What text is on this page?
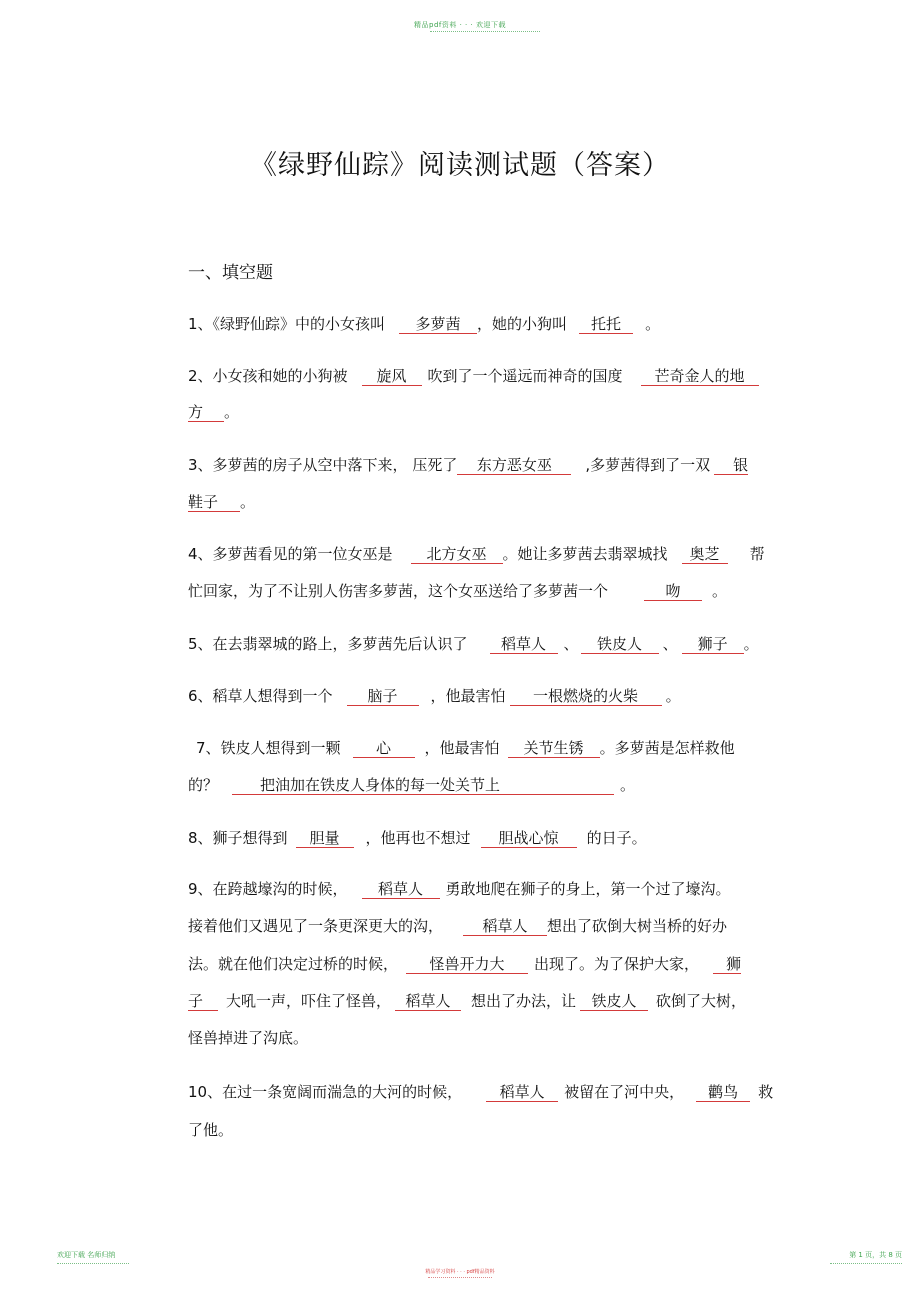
精品pdf资料 · · · 欢迎下载
《绿野仙踪》阅读测试题（答案）
一、填空题
1、《绿野仙踪》中的小女孩叫 多萝茜 ，她的小狗叫 托托 。
2、小女孩和她的小狗被 旋风 吹到了一个遥远而神奇的国度 芒奇金人的地
方 。
3、多萝茜的房子从空中落下来， 压死了 东方恶女巫 ,多萝茜得到了一双 银
鞋子 。
4、多萝茜看见的第一位女巫是 北方女巫 。她让多萝茜去翡翠城找 奥芝 帮
忙回家，为了不让别人伤害多萝茜，这个女巫送给了多萝茜一个	吻 。
5、在去翡翠城的路上，多萝茜先后认识了 稻草人 、 铁皮人 、 狮子 。
6、稻草人想得到一个 脑子 ，他最害怕 一根燃烧的火柴 。
7、铁皮人想得到一颗 心 ，他最害怕 关节生锈 。多萝茜是怎样救他
的？	把油加在铁皮人身体的每一处关节上	。
8、狮子想得到 胆量 ，他再也不想过 胆战心惊 的日子。
9、在跨越壕沟的时候， 稻草人 勇敢地爬在狮子的身上，第一个过了壕沟。
接着他们又遇见了一条更深更大的沟，	稻草人 想出了砍倒大树当桥的好办
法。就在他们决定过桥的时候， 怪兽开力大 出现了。为了保护大家， 狮
子 大吼一声，吓住了怪兽， 稻草人 想出了办法，让 铁皮人 砍倒了大树，
怪兽掉进了沟底。
10、在过一条宽阔而湍急的大河的时候， 稻草人 被留在了河中央， 鹳鸟 救
了他。
欢迎下载 名师归纳
精品学习资料 · · · pdf精品资料
第 1 页，共 8 页
